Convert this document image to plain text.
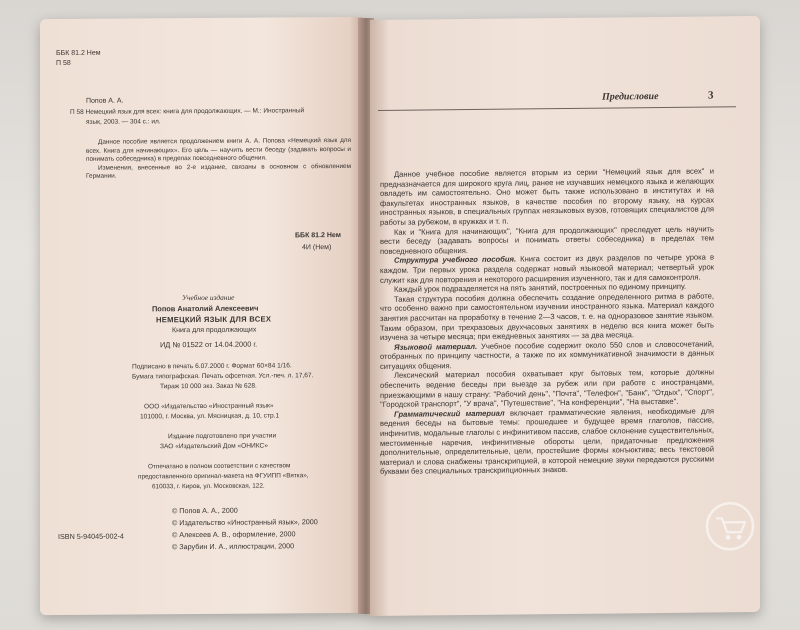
ББК 81.2 Нем
П 58
Попов А. А.
П 58 Немецкий язык для всех: книга для продолжающих. — М.: Иностранный
язык, 2003. — 304 с.: ил.

Данное пособие является продолжением книги А. А. Попова «Немецкий язык для всех. Книга для начинающих». Его цель — научить вести беседу (задавать вопросы и понимать собеседника) в пределах повседневного общения.

Изменения, внесенные во 2-е издание, связаны в основном с обновлением Германии.

ББК 81.2 Нем
4И (Нем)
Учебное издание
Попов Анатолий Алексеевич
НЕМЕЦКИЙ ЯЗЫК ДЛЯ ВСЕХ
Книга для продолжающих
ИД № 01522 от 14.04.2000 г.
Подписано в печать 6.07.2000 г. Формат 60×84 1/16.
Бумага типографская. Печать офсетная. Усл.-печ. л. 17,67.
Тираж 10 000 экз. Заказ № 628.
ООО «Издательство «Иностранный язык»
101000, г. Москва, ул. Мясницкая, д. 10, стр.1
Издание подготовлено при участии
ЗАО «Издательский Дом «ОНИКС»
Отпечатано в полном соответствии с качеством
предоставленного оригинал-макета на ФГУИПП «Вятка»,
610033, г. Киров, ул. Московская, 122.
ISBN 5-94045-002-4
© Попов А. А., 2000
© Издательство «Иностранный язык», 2000
© Алексеев А. В., оформление, 2000
© Зарубин И. А., иллюстрации, 2000
Предисловие	3

Данное учебное пособие является вторым из серии "Немецкий язык для всех" и предназначается для широкого круга лиц, ранее не изучавших немецкого языка и желающих овладеть им самостоятельно. Оно может быть также использовано в институтах и на факультетах иностранных языков, в качестве пособия по второму языку, на курсах иностранных языков, в специальных группах неязыковых вузов, готовящих специалистов для работы за рубежом, в кружках и т. п.

Как и "Книга для начинающих", "Книга для продолжающих" преследует цель научить вести беседу (задавать вопросы и понимать ответы собеседника) в пределах тем повседневного общения.

Структура учебного пособия. Книга состоит из двух разделов по четыре урока в каждом. Три первых урока раздела содержат новый языковой материал; четвертый урок служит как для повторения и некоторого расширения изученного, так и для самоконтроля.

Каждый урок подразделяется на пять занятий, построенных по единому принципу.

Такая структура пособия должна обеспечить создание определенного ритма в работе, что особенно важно при самостоятельном изучении иностранного языка. Материал каждого занятия рассчитан на проработку в течение 2—3 часов, т. е. на одноразовое занятие языком. Таким образом, при трехразовых двухчасовых занятиях в неделю вся книга может быть изучена за четыре месяца; при ежедневных занятиях — за два месяца.

Языковой материал. Учебное пособие содержит около 550 слов и словосочетаний, отобранных по принципу частности, а также по их коммуникативной значимости в данных ситуациях общения.

Лексический материал пособия охватывает круг бытовых тем, которые должны обеспечить ведение беседы при выезде за рубеж или при работе с иностранцами, приезжающими в нашу страну: "Рабочий день", "Почта", "Телефон", "Банк", "Отдых", "Спорт", "Городской транспорт", "У врача", "Путешествие", "На конференции", "На выставке".

Грамматический материал включает грамматические явления, необходимые для ведения беседы на бытовые темы: прошедшее и будущее время глаголов, пассив, инфинитив, модальные глаголы с инфинитивом пассив, слабое склонение существительных, местоименные наречия, инфинитивные обороты цели, придаточные предложения дополнительные, определительные, цели, простейшие формы конъюктива; весь текстовой материал и слова снабжены транскрипцией, в которой немецкие звуки передаются русскими буквами без специальных транскрипционных знаков.
